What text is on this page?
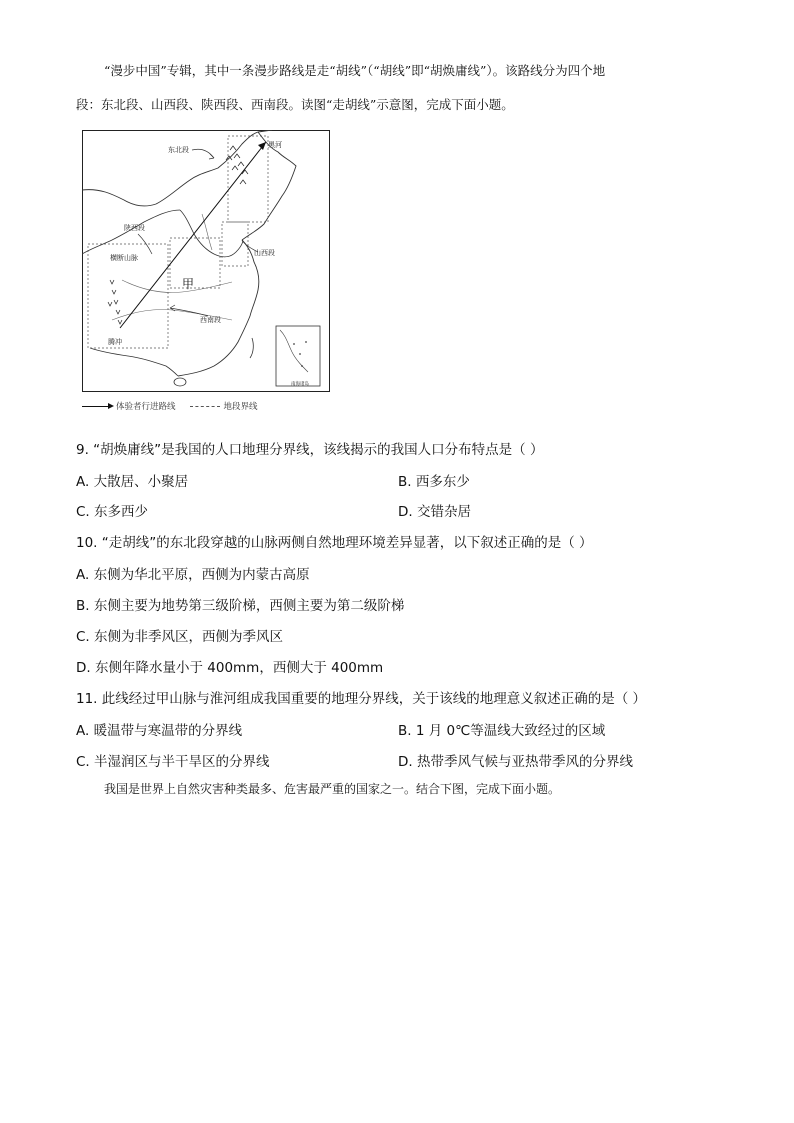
“漫步中国”专辑，其中一条漫步路线是走“胡线”（“胡线”即“胡焕庸线”）。该路线分为四个地

段：东北段、山西段、陕西段、西南段。读图“走胡线”示意图，完成下面小题。

东北段
黑河
陕西段
山西段
甲
横断山脉
西南段
腾冲
南海诸岛
体验者行进路线	地段界线
9. “胡焕庸线”是我国的人口地理分界线，该线揭示的我国人口分布特点是（ ）
A. 大散居、小聚居	B. 西多东少
C. 东多西少	D. 交错杂居
10. “走胡线”的东北段穿越的山脉两侧自然地理环境差异显著，以下叙述正确的是（ ）
A. 东侧为华北平原，西侧为内蒙古高原
B. 东侧主要为地势第三级阶梯，西侧主要为第二级阶梯
C. 东侧为非季风区，西侧为季风区
D. 东侧年降水量小于 400mm，西侧大于 400mm
11. 此线经过甲山脉与淮河组成我国重要的地理分界线，关于该线的地理意义叙述正确的是（ ）
A. 暖温带与寒温带的分界线	B. 1 月 0℃等温线大致经过的区域
C. 半湿润区与半干旱区的分界线	D. 热带季风气候与亚热带季风的分界线
我国是世界上自然灾害种类最多、危害最严重的国家之一。结合下图，完成下面小题。
